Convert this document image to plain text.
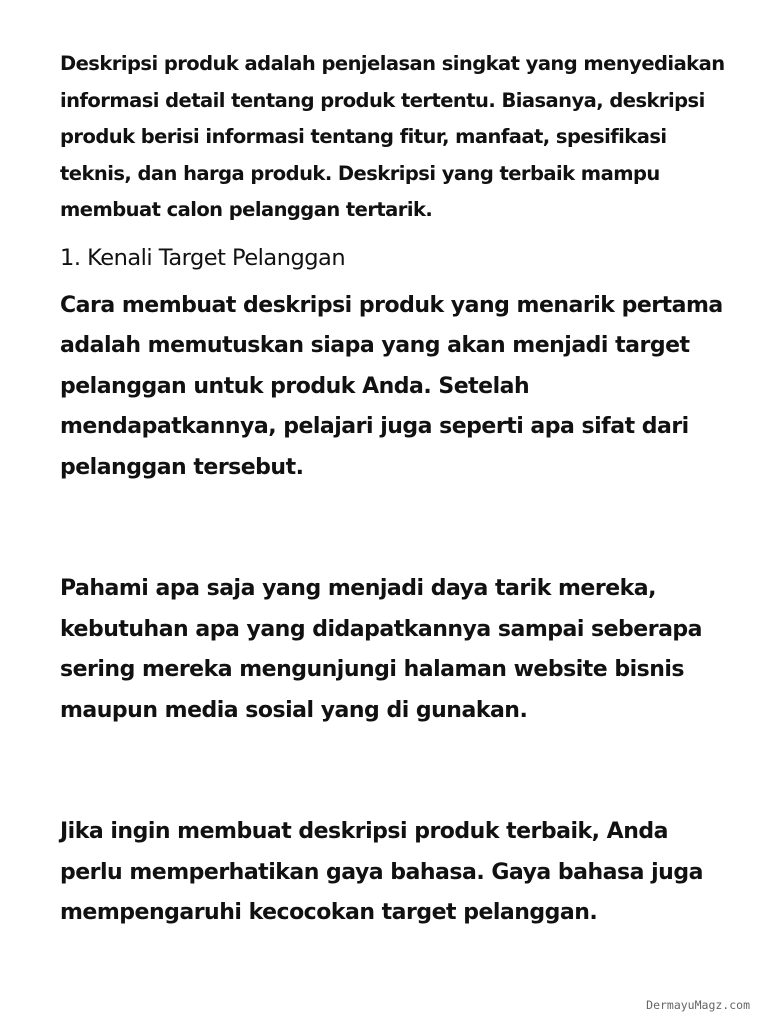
Deskripsi produk adalah penjelasan singkat yang menyediakan informasi detail tentang produk tertentu. Biasanya, deskripsi produk berisi informasi tentang fitur, manfaat, spesifikasi teknis, dan harga produk. Deskripsi yang terbaik mampu membuat calon pelanggan tertarik.

1. Kenali Target Pelanggan

Cara membuat deskripsi produk yang menarik pertama adalah memutuskan siapa yang akan menjadi target pelanggan untuk produk Anda. Setelah mendapatkannya, pelajari juga seperti apa sifat dari pelanggan tersebut.

Pahami apa saja yang menjadi daya tarik mereka, kebutuhan apa yang didapatkannya sampai seberapa sering mereka mengunjungi halaman website bisnis maupun media sosial yang di gunakan.

Jika ingin membuat deskripsi produk terbaik, Anda perlu memperhatikan gaya bahasa. Gaya bahasa juga mempengaruhi kecocokan target pelanggan.

DermayuMagz.com
